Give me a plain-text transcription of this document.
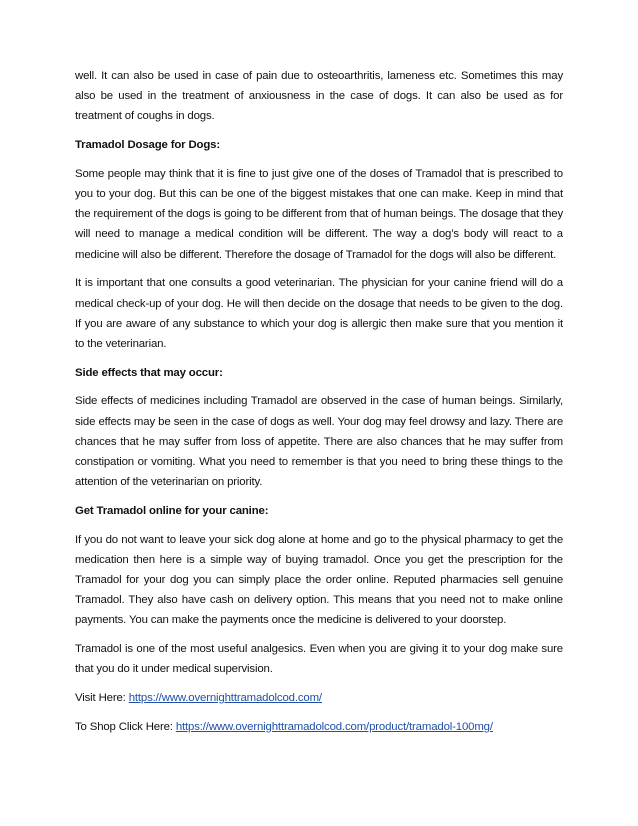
well. It can also be used in case of pain due to osteoarthritis, lameness etc. Sometimes this may also be used in the treatment of anxiousness in the case of dogs. It can also be used as for treatment of coughs in dogs.

Tramadol Dosage for Dogs:

Some people may think that it is fine to just give one of the doses of Tramadol that is prescribed to you to your dog. But this can be one of the biggest mistakes that one can make. Keep in mind that the requirement of the dogs is going to be different from that of human beings. The dosage that they will need to manage a medical condition will be different. The way a dog’s body will react to a medicine will also be different. Therefore the dosage of Tramadol for the dogs will also be different.

It is important that one consults a good veterinarian. The physician for your canine friend will do a medical check-up of your dog. He will then decide on the dosage that needs to be given to the dog. If you are aware of any substance to which your dog is allergic then make sure that you mention it to the veterinarian.

Side effects that may occur:

Side effects of medicines including Tramadol are observed in the case of human beings. Similarly, side effects may be seen in the case of dogs as well. Your dog may feel drowsy and lazy. There are chances that he may suffer from loss of appetite. There are also chances that he may suffer from constipation or vomiting. What you need to remember is that you need to bring these things to the attention of the veterinarian on priority.

Get Tramadol online for your canine:

If you do not want to leave your sick dog alone at home and go to the physical pharmacy to get the medication then here is a simple way of buying tramadol. Once you get the prescription for the Tramadol for your dog you can simply place the order online. Reputed pharmacies sell genuine Tramadol. They also have cash on delivery option. This means that you need not to make online payments. You can make the payments once the medicine is delivered to your doorstep.

Tramadol is one of the most useful analgesics. Even when you are giving it to your dog make sure that you do it under medical supervision.

Visit Here: https://www.overnighttramadolcod.com/

To Shop Click Here: https://www.overnighttramadolcod.com/product/tramadol-100mg/
